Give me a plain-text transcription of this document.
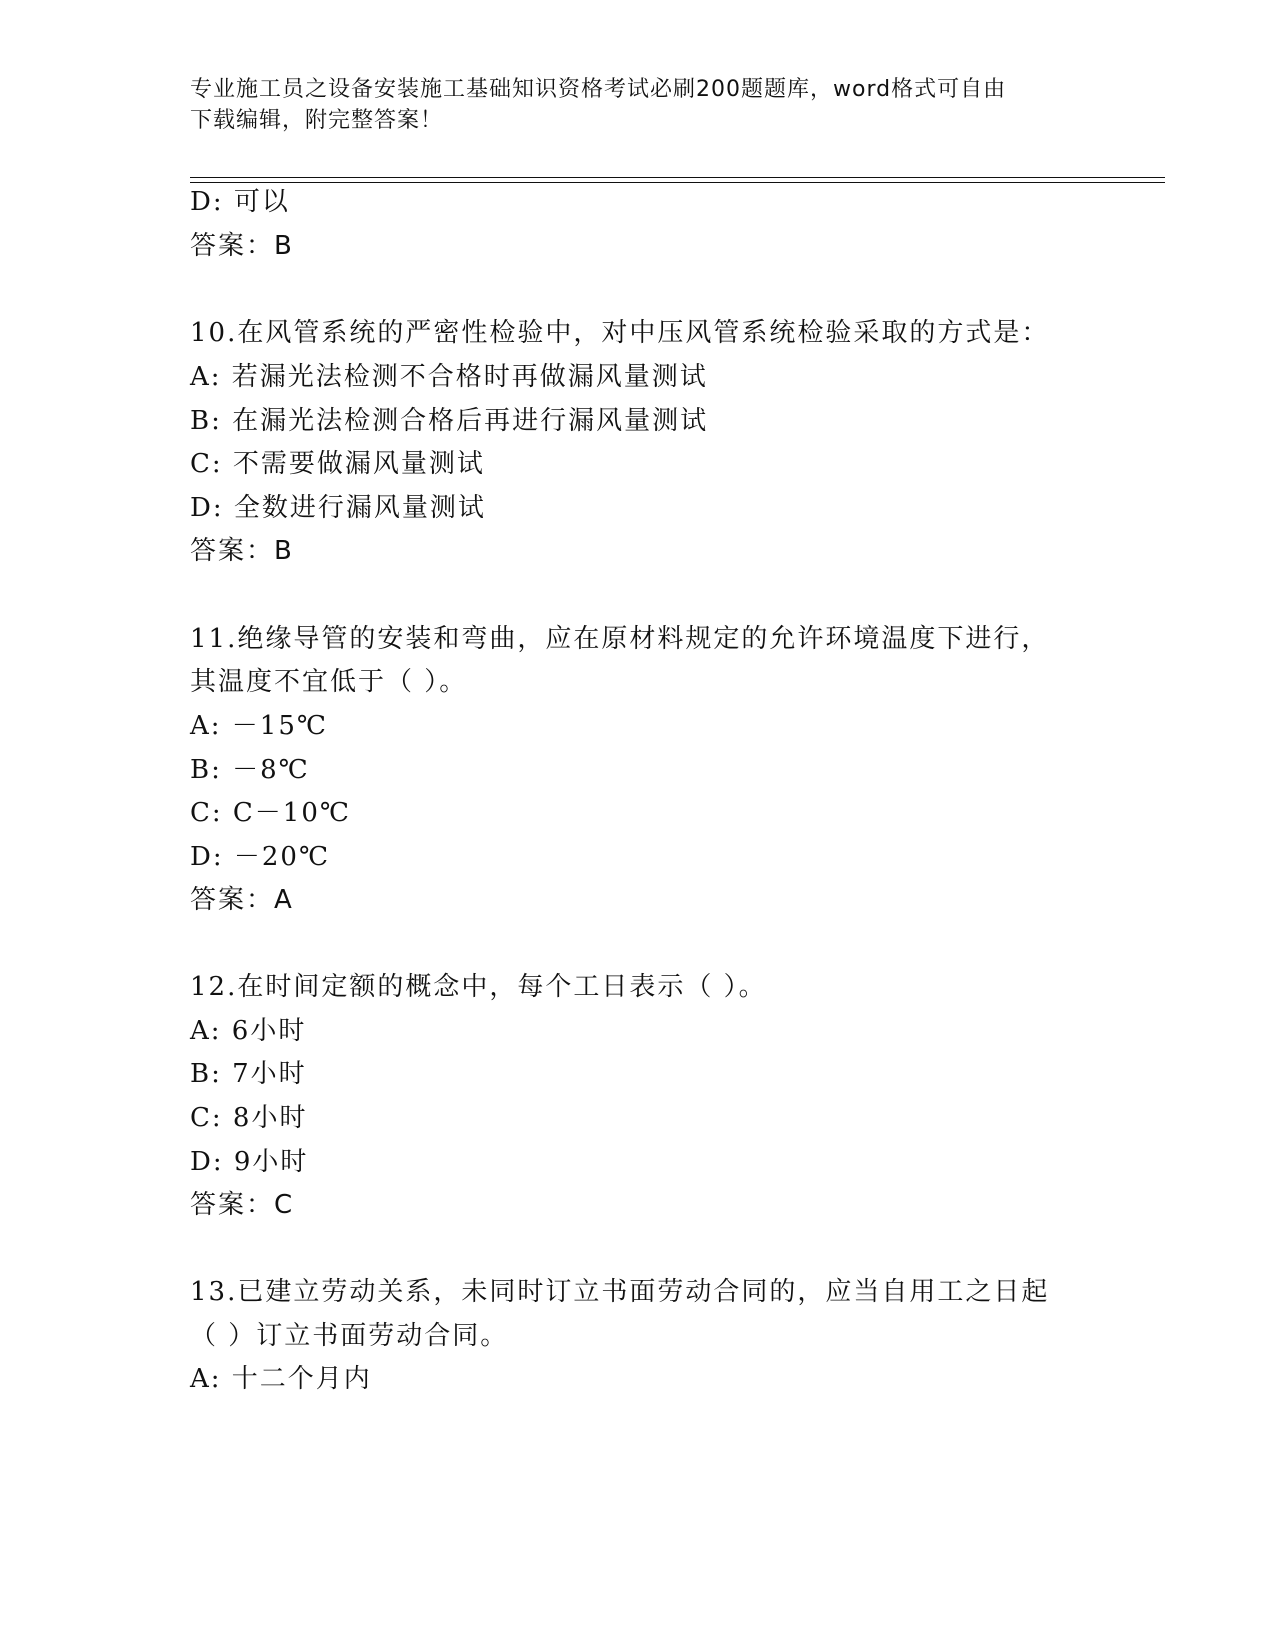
专业施工员之设备安装施工基础知识资格考试必刷200题题库，word格式可自由
下载编辑，附完整答案！
D: 可以
答案：B
10.在风管系统的严密性检验中，对中压风管系统检验采取的方式是：
A: 若漏光法检测不合格时再做漏风量测试
B: 在漏光法检测合格后再进行漏风量测试
C: 不需要做漏风量测试
D: 全数进行漏风量测试
答案：B
11.绝缘导管的安装和弯曲，应在原材料规定的允许环境温度下进行，
其温度不宜低于（ ）。
A: －15℃
B: －8℃
C: C－10℃
D: －20℃
答案：A
12.在时间定额的概念中，每个工日表示（ ）。
A: 6小时
B: 7小时
C: 8小时
D: 9小时
答案：C
13.已建立劳动关系，未同时订立书面劳动合同的，应当自用工之日起
（ ）订立书面劳动合同。
A: 十二个月内
